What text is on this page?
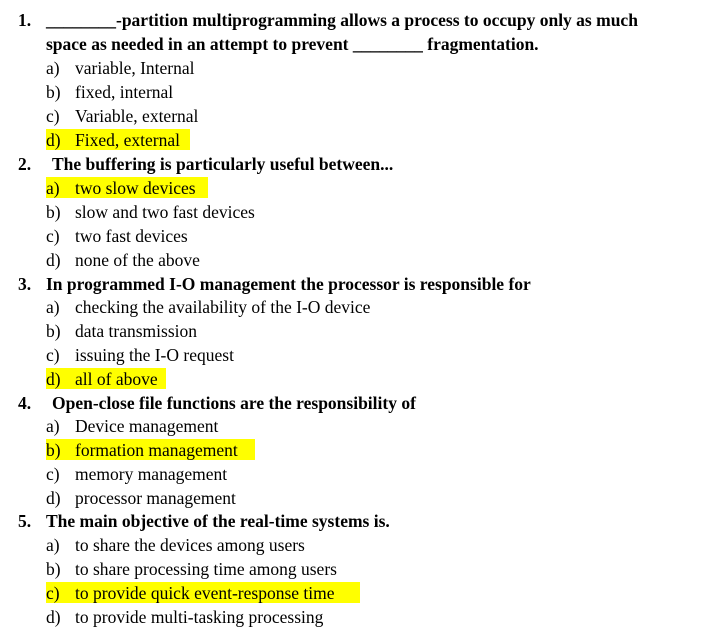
1. ________-partition multiprogramming allows a process to occupy only as much
space as needed in an attempt to prevent ________ fragmentation.
a) variable, Internal
b) fixed, internal
c) Variable, external
d) Fixed, external
2. The buffering is particularly useful between...
a) two slow devices
b) slow and two fast devices
c) two fast devices
d) none of the above
3. In programmed I-O management the processor is responsible for
a) checking the availability of the I-O device
b) data transmission
c) issuing the I-O request
d) all of above
4. Open-close file functions are the responsibility of
a) Device management
b) formation management
c) memory management
d) processor management
5. The main objective of the real-time systems is.
a) to share the devices among users
b) to share processing time among users
c) to provide quick event-response time
d) to provide multi-tasking processing
